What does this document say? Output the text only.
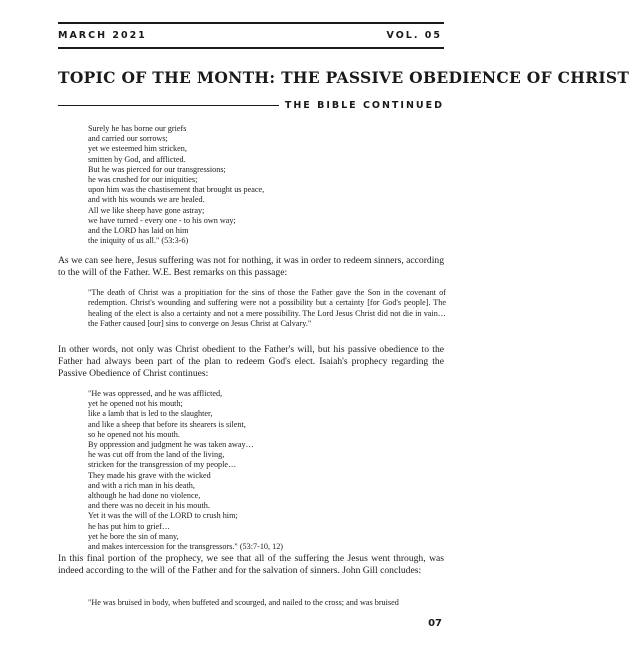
MARCH 2021	VOL. 05
TOPIC OF THE MONTH: THE PASSIVE OBEDIENCE OF CHRIST
THE BIBLE CONTINUED
Surely he has borne our griefs
and carried our sorrows;
yet we esteemed him stricken,
smitten by God, and afflicted.
But he was pierced for our transgressions;
he was crushed for our iniquities;
upon him was the chastisement that brought us peace,
and with his wounds we are healed.
All we like sheep have gone astray;
we have turned - every one - to his own way;
and the LORD has laid on him
the iniquity of us all." (53:3-6)
As we can see here, Jesus suffering was not for nothing, it was in order to redeem sinners, according to the will of the Father. W.E. Best remarks on this passage:
"The death of Christ was a propitiation for the sins of those the Father gave the Son in the covenant of redemption. Christ's wounding and suffering were not a possibility but a certainty [for God's people]. The healing of the elect is also a certainty and not a mere possibility. The Lord Jesus Christ did not die in vain…the Father caused [our] sins to converge on Jesus Christ at Calvary."
In other words, not only was Christ obedient to the Father's will, but his passive obedience to the Father had always been part of the plan to redeem God's elect. Isaiah's prophecy regarding the Passive Obedience of Christ continues:
"He was oppressed, and he was afflicted,
yet he opened not his mouth;
like a lamb that is led to the slaughter,
and like a sheep that before its shearers is silent,
so he opened not his mouth.
By oppression and judgment he was taken away…
he was cut off from the land of the living,
stricken for the transgression of my people…
They made his grave with the wicked
and with a rich man in his death,
although he had done no violence,
and there was no deceit in his mouth.
Yet it was the will of the LORD to crush him;
he has put him to grief…
yet he bore the sin of many,
and makes intercession for the transgressors." (53:7-10, 12)
In this final portion of the prophecy, we see that all of the suffering the Jesus went through, was indeed according to the will of the Father and for the salvation of sinners. John Gill concludes:
"He was bruised in body, when buffeted and scourged, and nailed to the cross; and was bruised
07
